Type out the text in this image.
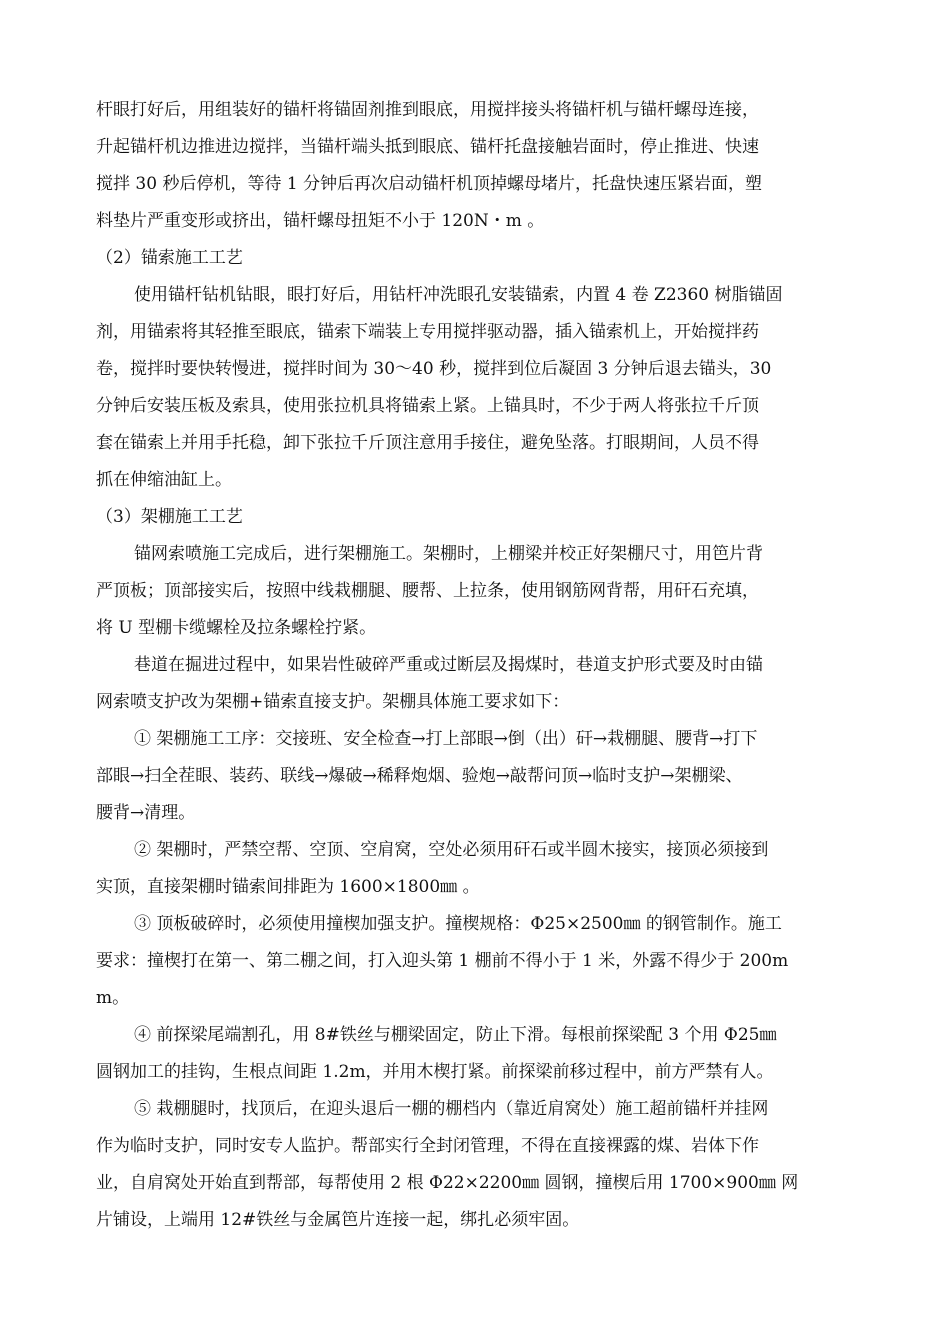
杆眼打好后，用组装好的锚杆将锚固剂推到眼底，用搅拌接头将锚杆机与锚杆螺母连接，
升起锚杆机边推进边搅拌，当锚杆端头抵到眼底、锚杆托盘接触岩面时，停止推进、快速
搅拌 30 秒后停机，等待 1 分钟后再次启动锚杆机顶掉螺母堵片，托盘快速压紧岩面，塑
料垫片严重变形或挤出，锚杆螺母扭矩不小于 120N・m 。

（2）锚索施工工艺

使用锚杆钻机钻眼，眼打好后，用钻杆冲洗眼孔安装锚索，内置 4 卷 Z2360 树脂锚固
剂，用锚索将其轻推至眼底，锚索下端装上专用搅拌驱动器，插入锚索机上，开始搅拌药
卷，搅拌时要快转慢进，搅拌时间为 30～40 秒，搅拌到位后凝固 3 分钟后退去锚头，30
分钟后安装压板及索具，使用张拉机具将锚索上紧。上锚具时，不少于两人将张拉千斤顶
套在锚索上并用手托稳，卸下张拉千斤顶注意用手接住，避免坠落。打眼期间，人员不得
抓在伸缩油缸上。

（3）架棚施工工艺

锚网索喷施工完成后，进行架棚施工。架棚时，上棚梁并校正好架棚尺寸，用笆片背
严顶板；顶部接实后，按照中线栽棚腿、腰帮、上拉条，使用钢筋网背帮，用矸石充填，
将 U 型棚卡缆螺栓及拉条螺栓拧紧。

巷道在掘进过程中，如果岩性破碎严重或过断层及揭煤时，巷道支护形式要及时由锚
网索喷支护改为架棚+锚索直接支护。架棚具体施工要求如下：

① 架棚施工工序：交接班、安全检查→打上部眼→倒（出）矸→栽棚腿、腰背→打下
部眼→扫全茬眼、装药、联线→爆破→稀释炮烟、验炮→敲帮问顶→临时支护→架棚梁、
腰背→清理。

② 架棚时，严禁空帮、空顶、空肩窝，空处必须用矸石或半圆木接实，接顶必须接到
实顶，直接架棚时锚索间排距为 1600×1800㎜ 。

③ 顶板破碎时，必须使用撞楔加强支护。撞楔规格：Φ25×2500㎜ 的钢管制作。施工
要求：撞楔打在第一、第二棚之间，打入迎头第 1 棚前不得小于 1 米，外露不得少于 200m
m。

④ 前探梁尾端割孔，用 8#铁丝与棚梁固定，防止下滑。每根前探梁配 3 个用 Φ25㎜
圆钢加工的挂钩，生根点间距 1.2m，并用木楔打紧。前探梁前移过程中，前方严禁有人。

⑤ 栽棚腿时，找顶后，在迎头退后一棚的棚档内（靠近肩窝处）施工超前锚杆并挂网
作为临时支护，同时安专人监护。帮部实行全封闭管理，不得在直接裸露的煤、岩体下作
业，自肩窝处开始直到帮部，每帮使用 2 根 Φ22×2200㎜ 圆钢，撞楔后用 1700×900㎜ 网
片铺设，上端用 12#铁丝与金属笆片连接一起，绑扎必须牢固。
